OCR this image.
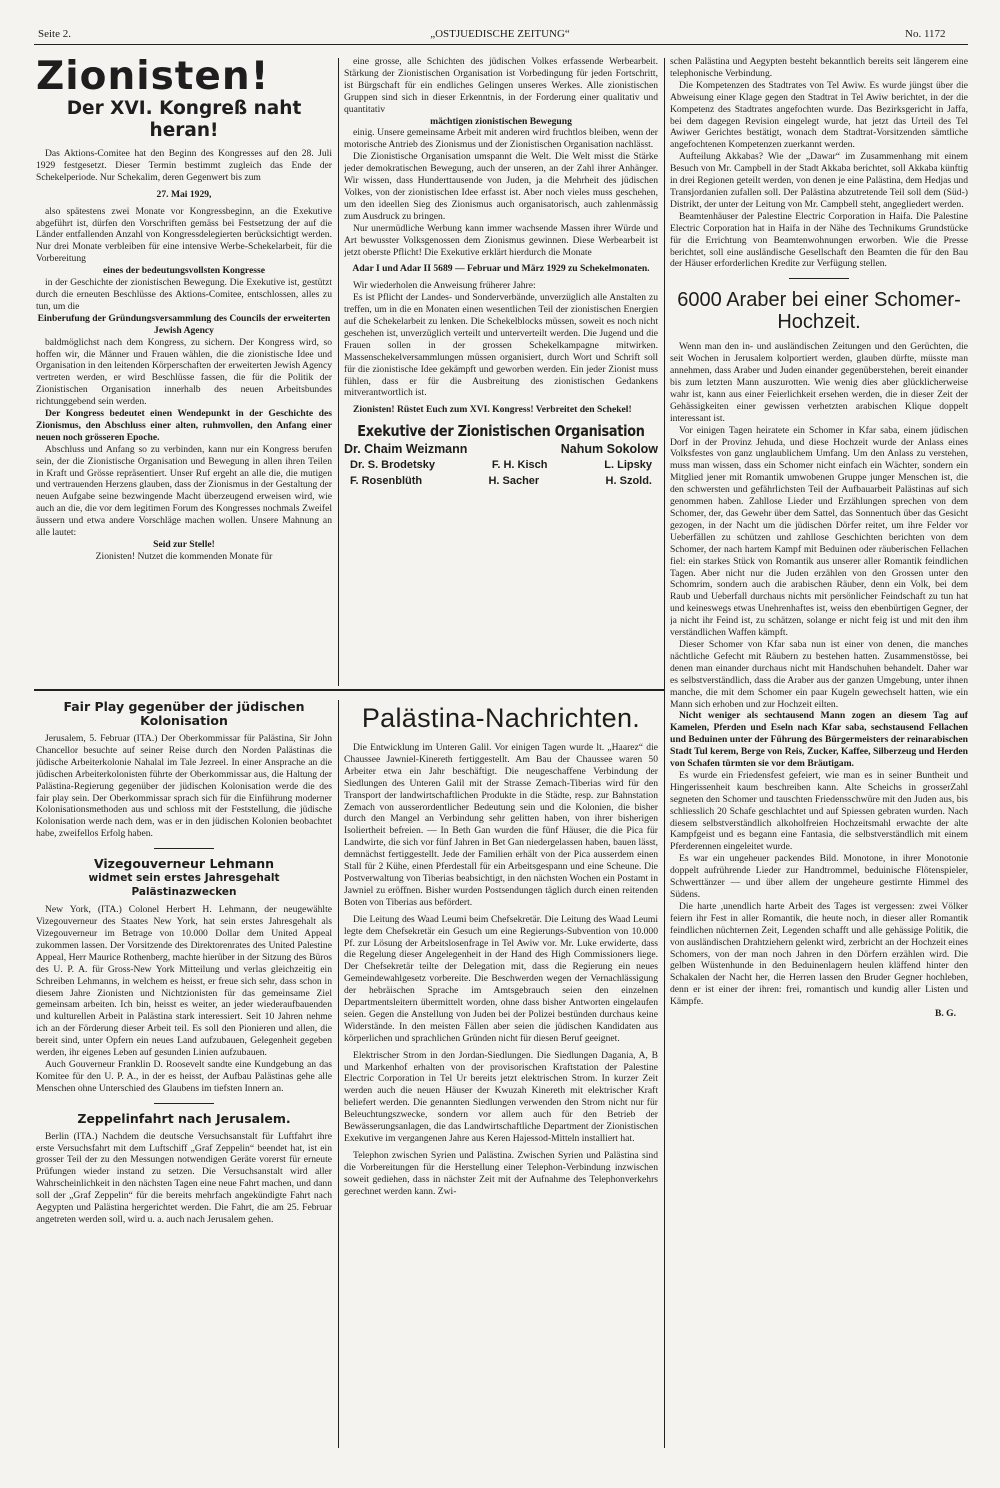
Seite 2.	„OSTJUEDISCHE ZEITUNG“	No. 1172
Zionisten!
Der XVI. Kongreß naht heran!

Das Aktions-Comitee hat den Beginn des Kongresses auf den 28. Juli 1929 festgesetzt. Dieser Termin bestimmt zugleich das Ende der Schekelperiode. Nur Schekalim, deren Gegenwert bis zum

27. Mai 1929,

also spätestens zwei Monate vor Kongressbeginn, an die Exekutive abgeführt ist, dürfen den Vorschriften gemäss bei Festsetzung der auf die Länder entfallenden Anzahl von Kongressdelegierten berücksichtigt werden. Nur drei Monate verbleiben für eine intensive Werbe-Schekelarbeit, für die Vorbereitung

eines der bedeutungsvollsten Kongresse

in der Geschichte der zionistischen Bewegung. Die Exekutive ist, gestützt durch die erneuten Beschlüsse des Aktions-Comitee, entschlossen, alles zu tun, um die

Einberufung der Gründungsversammlung des Councils der erweiterten Jewish Agency

baldmöglichst nach dem Kongress, zu sichern. Der Kongress wird, so hoffen wir, die Männer und Frauen wählen, die die zionistische Idee und Organisation in den leitenden Körperschaften der erweiterten Jewish Agency vertreten werden, er wird Beschlüsse fassen, die für die Politik der Zionistischen Organisation innerhalb des neuen Arbeitsbundes richtunggebend sein werden.

Der Kongress bedeutet einen Wendepunkt in der Geschichte des Zionismus, den Abschluss einer alten, ruhmvollen, den Anfang einer neuen noch grösseren Epoche.

Abschluss und Anfang so zu verbinden, kann nur ein Kongress berufen sein, der die Zionistische Organisation und Bewegung in allen ihren Teilen in Kraft und Grösse repräsentiert. Unser Ruf ergeht an alle die, die mutigen und vertrauenden Herzens glauben, dass der Zionismus in der Gestaltung der neuen Aufgabe seine bezwingende Macht überzeugend erweisen wird, wie auch an die, die vor dem legitimen Forum des Kongresses nochmals Zweifel äussern und etwa andere Vorschläge machen wollen. Unsere Mahnung an alle lautet:

Seid zur Stelle!

Zionisten! Nutzet die kommenden Monate für

eine grosse, alle Schichten des jüdischen Volkes erfassende Werbearbeit. Stärkung der Zionistischen Organisation ist Vorbedingung für jeden Fortschritt, ist Bürgschaft für ein endliches Gelingen unseres Werkes. Alle zionistischen Gruppen sind sich in dieser Erkenntnis, in der Forderung einer qualitativ und quantitativ

mächtigen zionistischen Bewegung

einig. Unsere gemeinsame Arbeit mit anderen wird fruchtlos bleiben, wenn der motorische Antrieb des Zionismus und der Zionistischen Organisation nachlässt.

Die Zionistische Organisation umspannt die Welt. Die Welt misst die Stärke jeder demokratischen Bewegung, auch der unseren, an der Zahl ihrer Anhänger. Wir wissen, dass Hunderttausende von Juden, ja die Mehrheit des jüdischen Volkes, von der zionistischen Idee erfasst ist. Aber noch vieles muss geschehen, um den ideellen Sieg des Zionismus auch organisatorisch, auch zahlenmässig zum Ausdruck zu bringen.

Nur unermüdliche Werbung kann immer wachsende Massen ihrer Würde und Art bewusster Volksgenossen dem Zionismus gewinnen. Diese Werbearbeit ist jetzt oberste Pflicht! Die Exekutive erklärt hierdurch die Monate

Adar I und Adar II 5689 — Februar und März 1929 zu Schekelmonaten.

Wir wiederholen die Anweisung früherer Jahre:

Es ist Pflicht der Landes- und Sonderverbände, unverzüglich alle Anstalten zu treffen, um in die en Monaten einen wesentlichen Teil der zionistischen Energien auf die Schekelarbeit zu lenken. Die Schekelblocks müssen, soweit es noch nicht geschehen ist, unverzüglich verteilt und unterverteilt werden. Die Jugend und die Frauen sollen in der grossen Schekelkampagne mitwirken. Massenschekelversammlungen müssen organisiert, durch Wort und Schrift soll für die zionistische Idee gekämpft und geworben werden. Ein jeder Zionist muss fühlen, dass er für die Ausbreitung des zionistischen Gedankens mitverantwortlich ist.

Zionisten! Rüstet Euch zum XVI. Kongress! Verbreitet den Schekel!

Exekutive der Zionistischen Organisation
Dr. Chaim Weizmann	Nahum Sokolow
Dr. S. Brodetsky	F. H. Kisch	L. Lipsky
F. Rosenblüth	H. Sacher	H. Szold.

schen Palästina und Aegypten besteht bekanntlich bereits seit längerem eine telephonische Verbindung.

Die Kompetenzen des Stadtrates von Tel Awiw. Es wurde jüngst über die Abweisung einer Klage gegen den Stadtrat in Tel Awiw berichtet, in der die Kompetenz des Stadtrates angefochten wurde. Das Bezirksgericht in Jaffa, bei dem dagegen Revision eingelegt wurde, hat jetzt das Urteil des Tel Awiwer Gerichtes bestätigt, wonach dem Stadtrat-Vorsitzenden sämtliche angefochtenen Kompetenzen zuerkannt werden.

Aufteilung Akkabas? Wie der „Dawar“ im Zusammenhang mit einem Besuch von Mr. Campbell in der Stadt Akkaba berichtet, soll Akkaba künftig in drei Regionen geteilt werden, von denen je eine Palästina, dem Hedjas und Transjordanien zufallen soll. Der Palästina abzutretende Teil soll dem (Süd-) Distrikt, der unter der Leitung von Mr. Campbell steht, angegliedert werden.

Beamtenhäuser der Palestine Electric Corporation in Haifa. Die Palestine Electric Corporation hat in Haifa in der Nähe des Technikums Grundstücke für die Errichtung von Beamtenwohnungen erworben. Wie die Presse berichtet, soll eine ausländische Gesellschaft den Beamten die für den Bau der Häuser erforderlichen Kredite zur Verfügung stellen.

6000 Araber bei einer Schomer-Hochzeit.

Wenn man den in- und ausländischen Zeitungen und den Gerüchten, die seit Wochen in Jerusalem kolportiert werden, glauben dürfte, müsste man annehmen, dass Araber und Juden einander gegenüberstehen, bereit einander bis zum letzten Mann auszurotten. Wie wenig dies aber glücklicherweise wahr ist, kann aus einer Feierlichkeit ersehen werden, die in dieser Zeit der Gehässigkeiten einer gewissen verhetzten arabischen Klique doppelt interessant ist.

Vor einigen Tagen heiratete ein Schomer in Kfar saba, einem jüdischen Dorf in der Provinz Jehuda, und diese Hochzeit wurde der Anlass eines Volksfestes von ganz unglaublichem Umfang. Um den Anlass zu verstehen, muss man wissen, dass ein Schomer nicht einfach ein Wächter, sondern ein Mitglied jener mit Romantik umwobenen Gruppe junger Menschen ist, die den schwersten und gefährlichsten Teil der Aufbauarbeit Palästinas auf sich genommen haben. Zahllose Lieder und Erzählungen sprechen von dem Schomer, der, das Gewehr über dem Sattel, das Sonnentuch über das Gesicht gezogen, in der Nacht um die jüdischen Dörfer reitet, um ihre Felder vor Ueberfällen zu schützen und zahllose Geschichten berichten von dem Schomer, der nach hartem Kampf mit Beduinen oder räuberischen Fellachen fiel: ein starkes Stück von Romantik aus unserer aller Romantik feindlichen Tagen. Aber nicht nur die Juden erzählen von den Grossen unter den Schomrim, sondern auch die arabischen Räuber, denn ein Volk, bei dem Raub und Ueberfall durchaus nichts mit persönlicher Feindschaft zu tun hat und keineswegs etwas Unehrenhaftes ist, weiss den ebenbürtigen Gegner, der ja nicht ihr Feind ist, zu schätzen, solange er nicht feig ist und mit den ihm verständlichen Waffen kämpft.

Dieser Schomer von Kfar saba nun ist einer von denen, die manches nächtliche Gefecht mit Räubern zu bestehen hatten. Zusammenstösse, bei denen man einander durchaus nicht mit Handschuhen behandelt. Daher war es selbstverständlich, dass die Araber aus der ganzen Umgebung, unter ihnen manche, die mit dem Schomer ein paar Kugeln gewechselt hatten, wie ein Mann sich erhoben und zur Hochzeit eilten.

Nicht weniger als sechtausend Mann zogen an diesem Tag auf Kamelen, Pferden und Eseln nach Kfar saba, sechstausend Fellachen und Beduinen unter der Führung des Bürgermeisters der reinarabischen Stadt Tul kerem, Berge von Reis, Zucker, Kaffee, Silberzeug und Herden von Schafen türmten sie vor dem Bräutigam.

Es wurde ein Friedensfest gefeiert, wie man es in seiner Buntheit und Hingerissenheit kaum beschreiben kann. Alte Scheichs in grosserZahl segneten den Schomer und tauschten Friedensschwüre mit den Juden aus, bis schliesslich 20 Schafe geschlachtet und auf Spiessen gebraten wurden. Nach diesem selbstverständlich alkoholfreien Hochzeitsmahl erwachte der alte Kampfgeist und es begann eine Fantasia, die selbstverständlich mit einem Pferderennen eingeleitet wurde.

Es war ein ungeheuer packendes Bild. Monotone, in ihrer Monotonie doppelt aufrührende Lieder zur Handtrommel, beduinische Flötenspieler, Schwerttänzer — und über allem der ungeheure gestirnte Himmel des Südens.

Die harte ,unendlich harte Arbeit des Tages ist vergessen: zwei Völker feiern ihr Fest in aller Romantik, die heute noch, in dieser aller Romantik feindlichen nüchternen Zeit, Legenden schafft und alle gehässige Politik, die von ausländischen Drahtziehern gelenkt wird, zerbricht an der Hochzeit eines Schomers, von der man noch Jahren in den Dörfern erzählen wird. Die gelben Wüstenhunde in den Beduinenlagern heulen kläffend hinter den Schakalen der Nacht her, die Herren lassen den Bruder Gegner hochleben, denn er ist einer der ihren: frei, romantisch und kundig aller Listen und Kämpfe.

B. G.
Fair Play gegenüber der jüdischen Kolonisation

Jerusalem, 5. Februar (ITA.) Der Oberkommissar für Palästina, Sir John Chancellor besuchte auf seiner Reise durch den Norden Palästinas die jüdische Arbeiterkolonie Nahalal im Tale Jezreel. In einer Ansprache an die jüdischen Arbeiterkolonisten führte der Oberkommissar aus, die Haltung der Palästina-Regierung gegenüber der jüdischen Kolonisation werde die des fair play sein. Der Oberkommissar sprach sich für die Einführung moderner Kolonisationsmethoden aus und schloss mit der Feststellung, die jüdische Kolonisation werde nach dem, was er in den jüdischen Kolonien beobachtet habe, zweifellos Erfolg haben.

Vizegouverneur Lehmann
widmet sein erstes Jahresgehalt Palästinazwecken

New York, (ITA.) Colonel Herbert H. Lehmann, der neugewählte Vizegouverneur des Staates New York, hat sein erstes Jahresgehalt als Vizegouverneur im Betrage von 10.000 Dollar dem United Appeal zukommen lassen. Der Vorsitzende des Direktorenrates des United Palestine Appeal, Herr Maurice Rothenberg, machte hierüber in der Sitzung des Büros des U. P. A. für Gross-New York Mitteilung und verlas gleichzeitig ein Schreiben Lehmanns, in welchem es heisst, er freue sich sehr, dass schon in diesem Jahre Zionisten und Nichtzionisten für das gemeinsame Ziel gemeinsam arbeiten. Ich bin, heisst es weiter, an jeder wiederaufbauenden und kulturellen Arbeit in Palästina stark interessiert. Seit 10 Jahren nehme ich an der Förderung dieser Arbeit teil. Es soll den Pionieren und allen, die bereit sind, unter Opfern ein neues Land aufzubauen, Gelegenheit gegeben werden, ihr eigenes Leben auf gesunden Linien aufzubauen.

Auch Gouverneur Franklin D. Roosevelt sandte eine Kundgebung an das Komitee für den U. P. A., in der es heisst, der Aufbau Palästinas gehe alle Menschen ohne Unterschied des Glaubens im tiefsten Innern an.

Zeppelinfahrt nach Jerusalem.

Berlin (ITA.) Nachdem die deutsche Versuchsanstalt für Luftfahrt ihre erste Versuchsfahrt mit dem Luftschiff „Graf Zeppelin“ beendet hat, ist ein grosser Teil der zu den Messungen notwendigen Geräte vorerst für erneute Prüfungen wieder instand zu setzen. Die Versuchsanstalt wird aller Wahrscheinlichkeit in den nächsten Tagen eine neue Fahrt machen, und dann soll der „Graf Zeppelin“ für die bereits mehrfach angekündigte Fahrt nach Aegypten und Palästina hergerichtet werden. Die Fahrt, die am 25. Februar angetreten werden soll, wird u. a. auch nach Jerusalem gehen.

Palästina-Nachrichten.

Die Entwicklung im Unteren Galil. Vor einigen Tagen wurde lt. „Haarez“ die Chaussee Jawniel-Kinereth fertiggestellt. Am Bau der Chaussee waren 50 Arbeiter etwa ein Jahr beschäftigt. Die neugeschaffene Verbindung der Siedlungen des Unteren Galil mit der Strasse Zemach-Tiberias wird für den Transport der landwirtschaftlichen Produkte in die Städte, resp. zur Bahnstation Zemach von ausserordentlicher Bedeutung sein und die Kolonien, die bisher durch den Mangel an Verbindung sehr gelitten haben, von ihrer bisherigen Isoliertheit befreien. — In Beth Gan wurden die fünf Häuser, die die Pica für Landwirte, die sich vor fünf Jahren in Bet Gan niedergelassen haben, bauen lässt, demnächst fertiggestellt. Jede der Familien erhält von der Pica ausserdem einen Stall für 2 Kühe, einen Pferdestall für ein Arbeitsgespann und eine Scheune. Die Postverwaltung von Tiberias beabsichtigt, in den nächsten Wochen ein Postamt in Jawniel zu eröffnen. Bisher wurden Postsendungen täglich durch einen reitenden Boten von Tiberias aus befördert.

Die Leitung des Waad Leumi beim Chefsekretär. Die Leitung des Waad Leumi legte dem Chefsekretär ein Gesuch um eine Regierungs-Subvention von 10.000 Pf. zur Lösung der Arbeitslosenfrage in Tel Awiw vor. Mr. Luke erwiderte, dass die Regelung dieser Angelegenheit in der Hand des High Commissioners liege. Der Chefsekretär teilte der Delegation mit, dass die Regierung ein neues Gemeindewahlgesetz vorbereite. Die Beschwerden wegen der Vernachlässigung der hebräischen Sprache im Amtsgebrauch seien den einzelnen Departmentsleitern übermittelt worden, ohne dass bisher Antworten eingelaufen seien. Gegen die Anstellung von Juden bei der Polizei bestünden durchaus keine Widerstände. In den meisten Fällen aber seien die jüdischen Kandidaten aus körperlichen und sprachlichen Gründen nicht für diesen Beruf geeignet.

Elektrischer Strom in den Jordan-Siedlungen. Die Siedlungen Dagania, A, B und Markenhof erhalten von der provisorischen Kraftstation der Palestine Electric Corporation in Tel Ur bereits jetzt elektrischen Strom. In kurzer Zeit werden auch die neuen Häuser der Kwuzah Kinereth mit elektrischer Kraft beliefert werden. Die genannten Siedlungen verwenden den Strom nicht nur für Beleuchtungszwecke, sondern vor allem auch für den Betrieb der Bewässerungsanlagen, die das Landwirtschaftliche Department der Zionistischen Exekutive im vergangenen Jahre aus Keren Hajessod-Mitteln installiert hat.

Telephon zwischen Syrien und Palästina. Zwischen Syrien und Palästina sind die Vorbereitungen für die Herstellung einer Telephon-Verbindung inzwischen soweit gediehen, dass in nächster Zeit mit der Aufnahme des Telephonverkehrs gerechnet werden kann. Zwi-
